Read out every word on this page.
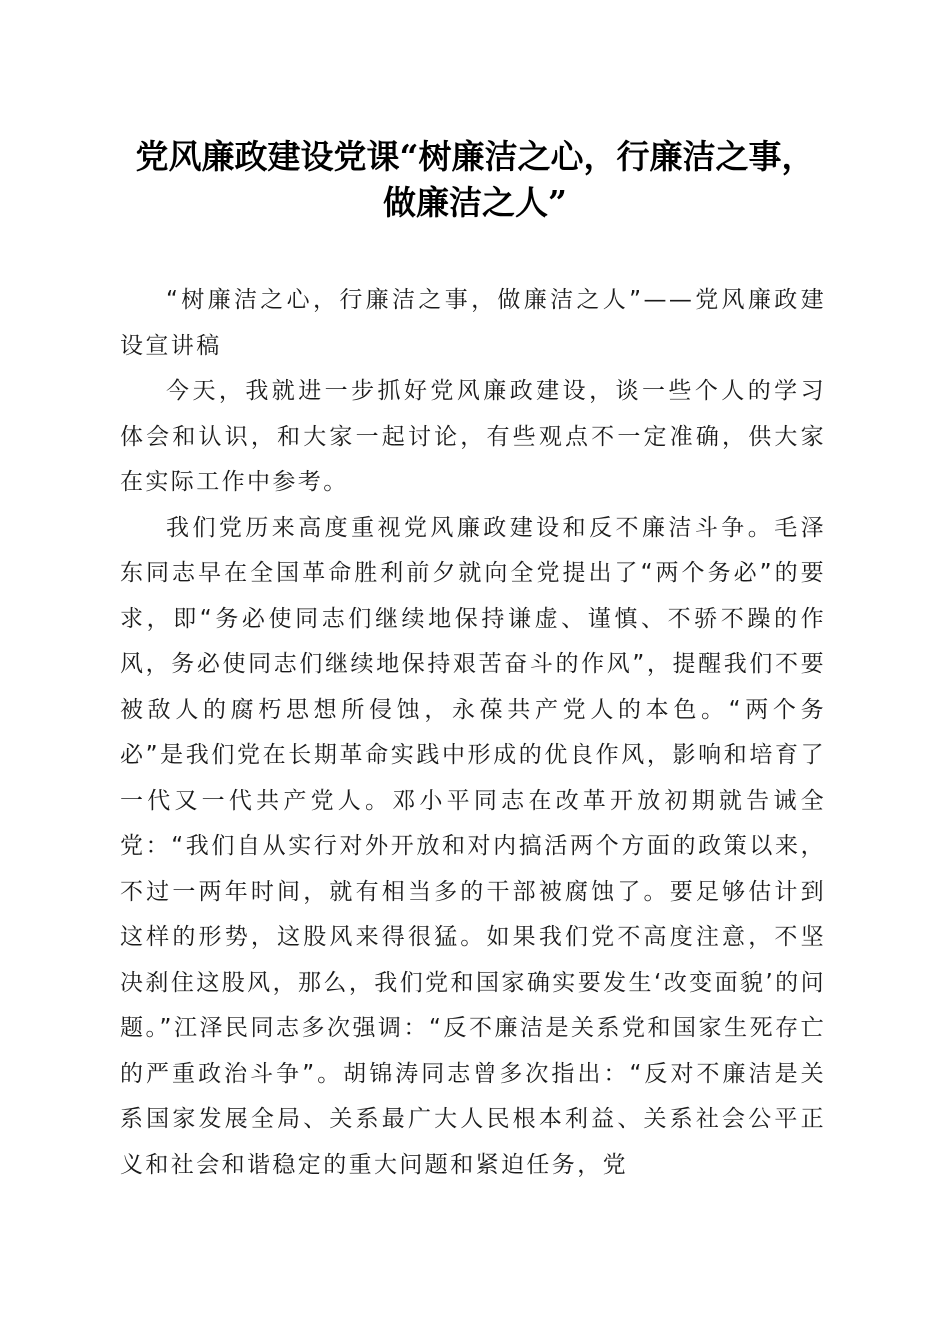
党风廉政建设党课“树廉洁之心，行廉洁之事，
做廉洁之人”

“树廉洁之心，行廉洁之事，做廉洁之人”——党风廉政建设宣讲稿

今天，我就进一步抓好党风廉政建设，谈一些个人的学习体会和认识，和大家一起讨论，有些观点不一定准确，供大家在实际工作中参考。

我们党历来高度重视党风廉政建设和反不廉洁斗争。毛泽东同志早在全国革命胜利前夕就向全党提出了“两个务必”的要求，即“务必使同志们继续地保持谦虚、谨慎、不骄不躁的作风，务必使同志们继续地保持艰苦奋斗的作风”，提醒我们不要被敌人的腐朽思想所侵蚀，永葆共产党人的本色。“两个务必”是我们党在长期革命实践中形成的优良作风，影响和培育了一代又一代共产党人。邓小平同志在改革开放初期就告诫全党：“我们自从实行对外开放和对内搞活两个方面的政策以来，不过一两年时间，就有相当多的干部被腐蚀了。要足够估计到这样的形势，这股风来得很猛。如果我们党不高度注意，不坚决刹住这股风，那么，我们党和国家确实要发生‘改变面貌’的问题。”江泽民同志多次强调：“反不廉洁是关系党和国家生死存亡的严重政治斗争”。胡锦涛同志曾多次指出：“反对不廉洁是关系国家发展全局、关系最广大人民根本利益、关系社会公平正义和社会和谐稳定的重大问题和紧迫任务，党
